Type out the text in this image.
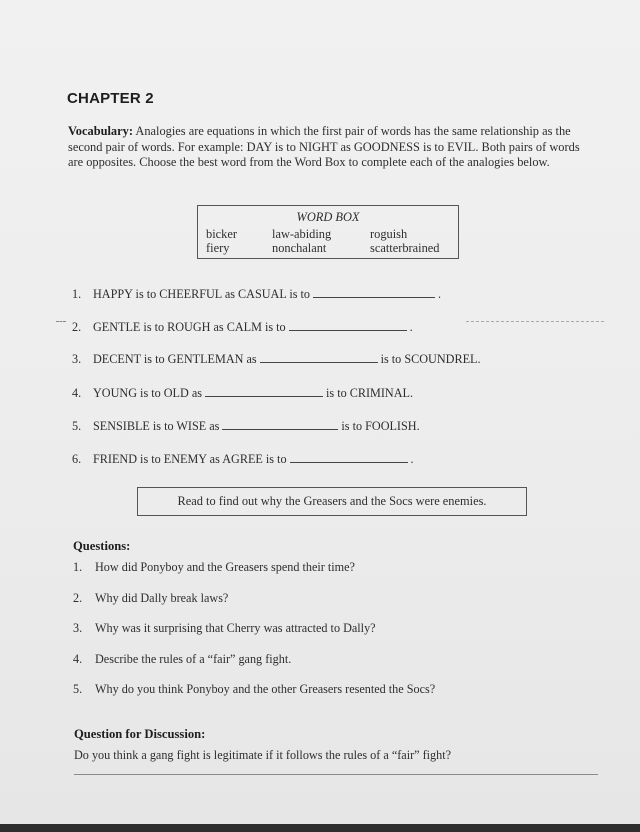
CHAPTER 2
Vocabulary: Analogies are equations in which the first pair of words has the same relationship as the second pair of words. For example: DAY is to NIGHT as GOODNESS is to EVIL. Both pairs of words are opposites. Choose the best word from the Word Box to complete each of the analogies below.
WORD BOX
bicker	law-abiding	roguish
fiery	nonchalant	scatterbrained
1. HAPPY is to CHEERFUL as CASUAL is to	.
2. GENTLE is to ROUGH as CALM is to	.
3. DECENT is to GENTLEMAN as	is to SCOUNDREL.
4. YOUNG is to OLD as	is to CRIMINAL.
5. SENSIBLE is to WISE as	is to FOOLISH.
6. FRIEND is to ENEMY as AGREE is to	.
Read to find out why the Greasers and the Socs were enemies.
Questions:
1. How did Ponyboy and the Greasers spend their time?
2. Why did Dally break laws?
3. Why was it surprising that Cherry was attracted to Dally?
4. Describe the rules of a “fair” gang fight.
5. Why do you think Ponyboy and the other Greasers resented the Socs?
Question for Discussion:
Do you think a gang fight is legitimate if it follows the rules of a “fair” fight?
